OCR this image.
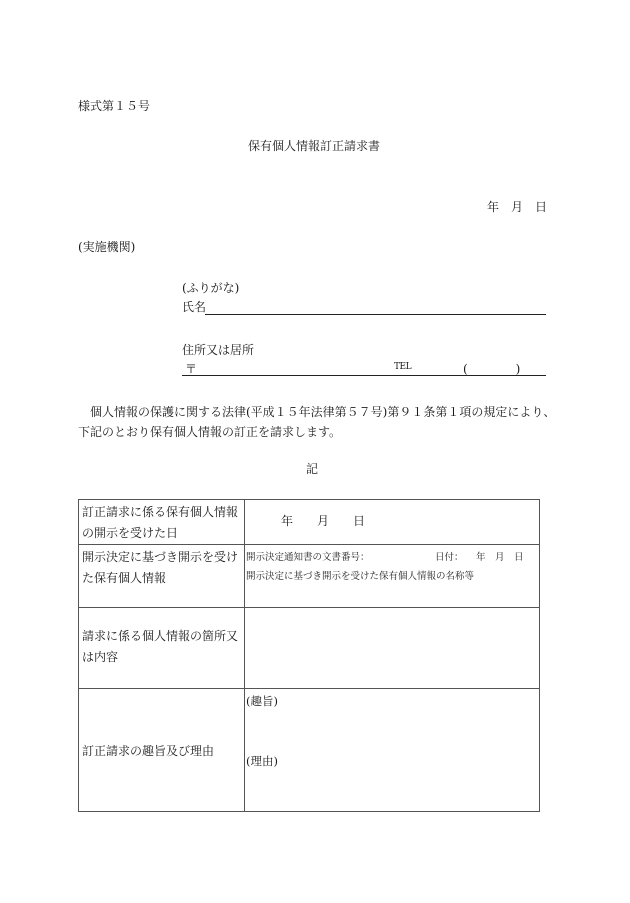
様式第１５号
保有個人情報訂正請求書
年　月　日
(実施機関)
(ふりがな)
氏名
住所又は居所
〒	TEL	(　　　　)
個人情報の保護に関する法律(平成１５年法律第５７号)第９１条第１項の規定により、
下記のとおり保有個人情報の訂正を請求します。
記
訂正請求に係る保有個人情報の開示を受けた日	年　　月　　日

開示決定に基づき開示を受けた保有個人情報	開示決定通知書の文書番号： 日付： 年　月　日
開示決定に基づき開示を受けた保有個人情報の名称等

請求に係る個人情報の箇所又は内容	
訂正請求の趣旨及び理由	(趣旨)
(理由)
